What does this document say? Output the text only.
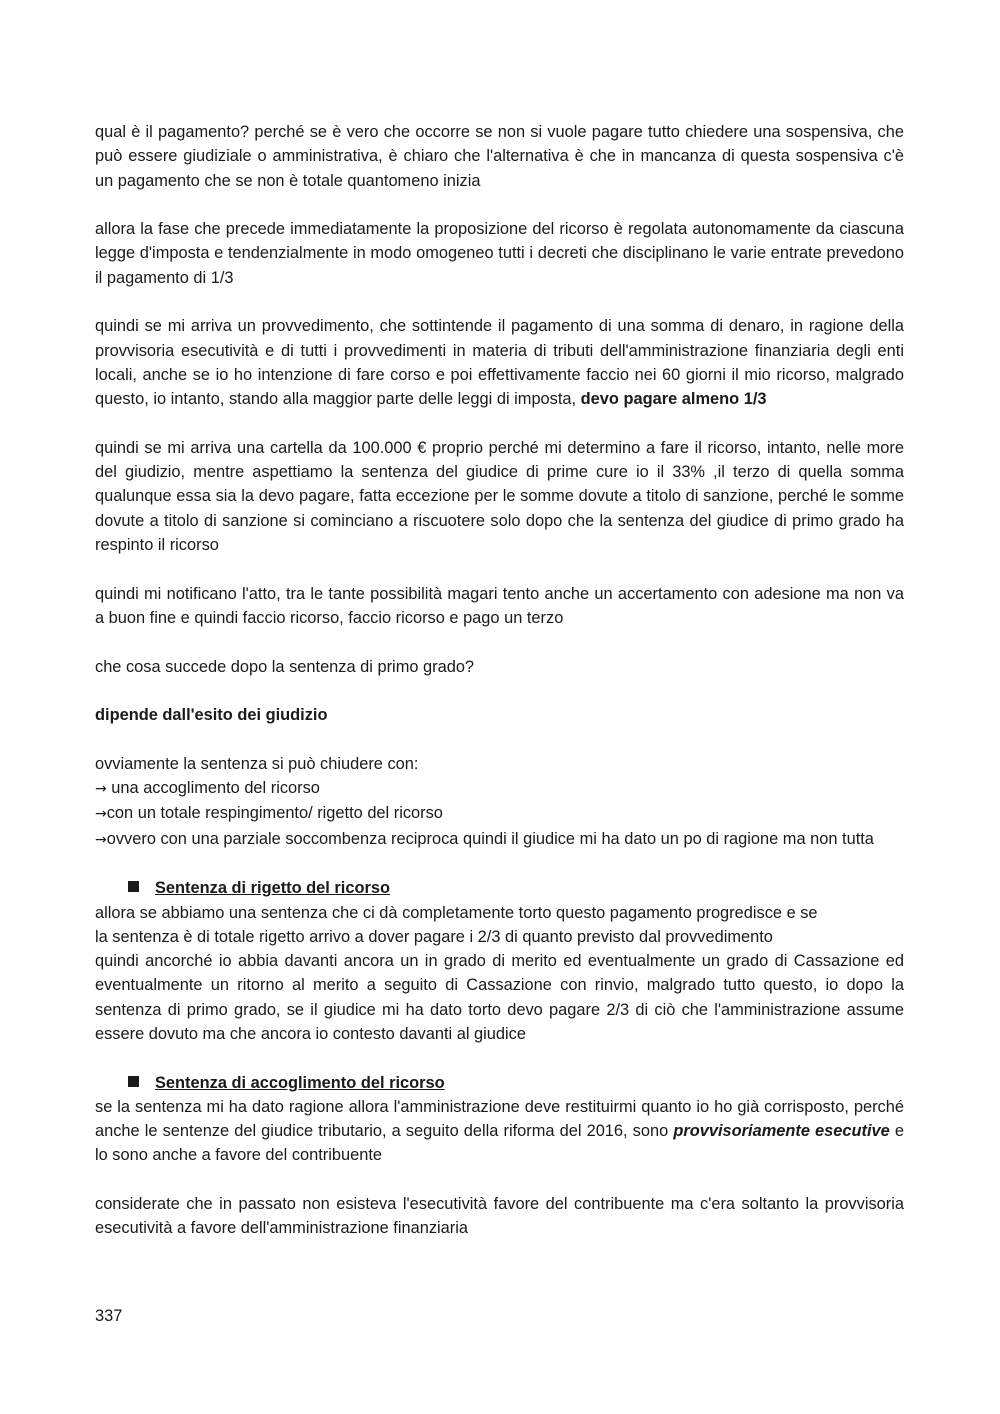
qual è il pagamento? perché se è vero che occorre se non si vuole pagare tutto chiedere una sospensiva, che può essere giudiziale o amministrativa, è chiaro che l'alternativa è che in mancanza di questa sospensiva c'è un pagamento che se non è totale quantomeno inizia

allora la fase che precede immediatamente la proposizione del ricorso è regolata autonomamente da ciascuna legge d'imposta e tendenzialmente in modo omogeneo tutti i decreti che disciplinano le varie entrate prevedono il pagamento di 1/3

quindi se mi arriva un provvedimento, che sottintende il pagamento di una somma di denaro, in ragione della provvisoria esecutività e di tutti i provvedimenti in materia di tributi dell'amministrazione finanziaria degli enti locali, anche se io ho intenzione di fare corso e poi effettivamente faccio nei 60 giorni il mio ricorso, malgrado questo, io intanto, stando alla maggior parte delle leggi di imposta, devo pagare almeno 1/3

quindi se mi arriva una cartella da 100.000 € proprio perché mi determino a fare il ricorso, intanto, nelle more del giudizio, mentre aspettiamo la sentenza del giudice di prime cure io il 33% ,il terzo di quella somma qualunque essa sia la devo pagare, fatta eccezione per le somme dovute a titolo di sanzione, perché le somme dovute a titolo di sanzione si cominciano a riscuotere solo dopo che la sentenza del giudice di primo grado ha respinto il ricorso

quindi mi notificano l'atto, tra le tante possibilità magari tento anche un accertamento con adesione ma non va a buon fine e quindi faccio ricorso, faccio ricorso e pago un terzo

che cosa succede dopo la sentenza di primo grado?

dipende dall'esito dei giudizio

ovviamente la sentenza si può chiudere con:
→ una accoglimento del ricorso
→con un totale respingimento/ rigetto del ricorso
→ovvero con una parziale soccombenza reciproca quindi il giudice mi ha dato un po di ragione ma non tutta

Sentenza di rigetto del ricorso

allora se abbiamo una sentenza che ci dà completamente torto questo pagamento progredisce e se
la sentenza è di totale rigetto arrivo a dover pagare i 2/3 di quanto previsto dal provvedimento
quindi ancorché io abbia davanti ancora un in grado di merito ed eventualmente un grado di Cassazione ed eventualmente un ritorno al merito a seguito di Cassazione con rinvio, malgrado tutto questo, io dopo la sentenza di primo grado, se il giudice mi ha dato torto devo pagare 2/3 di ciò che l'amministrazione assume essere dovuto ma che ancora io contesto davanti al giudice

Sentenza di accoglimento del ricorso

se la sentenza mi ha dato ragione allora l'amministrazione deve restituirmi quanto io ho già corrisposto, perché anche le sentenze del giudice tributario, a seguito della riforma del 2016, sono provvisoriamente esecutive e lo sono anche a favore del contribuente

considerate che in passato non esisteva l'esecutività favore del contribuente ma c'era soltanto la provvisoria esecutività a favore dell'amministrazione finanziaria

337
